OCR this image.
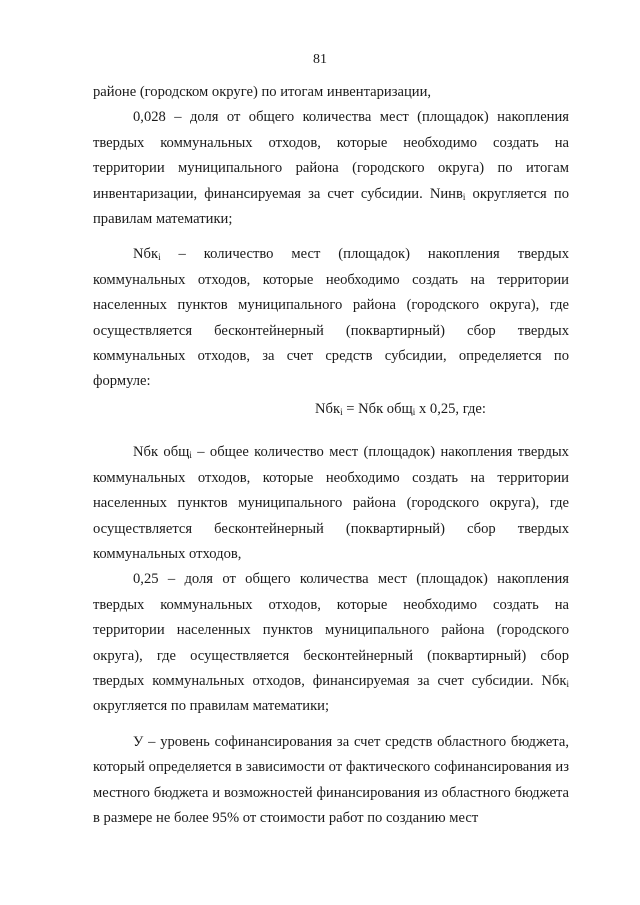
81

районе (городском округе) по итогам инвентаризации,

0,028 – доля от общего количества мест (площадок) накопления твердых коммунальных отходов, которые необходимо создать на территории муниципального района (городского округа) по итогам инвентаризации, финансируемая за счет субсидии. Nинв$_i$ округляется по правилам математики;

Nбк$_i$ – количество мест (площадок) накопления твердых коммунальных отходов, которые необходимо создать на территории населенных пунктов муниципального района (городского округа), где осуществляется бесконтейнерный (поквартирный) сбор твердых коммунальных отходов, за счет средств субсидии, определяется по формуле:

Nбк$_i$ = Nбк общ$_i$ х 0,25, где:

Nбк общ$_i$ – общее количество мест (площадок) накопления твердых коммунальных отходов, которые необходимо создать на территории населенных пунктов муниципального района (городского округа), где осуществляется бесконтейнерный (поквартирный) сбор твердых коммунальных отходов,

0,25 – доля от общего количества мест (площадок) накопления твердых коммунальных отходов, которые необходимо создать на территории населенных пунктов муниципального района (городского округа), где осуществляется бесконтейнерный (поквартирный) сбор твердых коммунальных отходов, финансируемая за счет субсидии. Nбк$_i$ округляется по правилам математики;

У – уровень софинансирования за счет средств областного бюджета, который определяется в зависимости от фактического софинансирования из местного бюджета и возможностей финансирования из областного бюджета в размере не более 95% от стоимости работ по созданию мест
